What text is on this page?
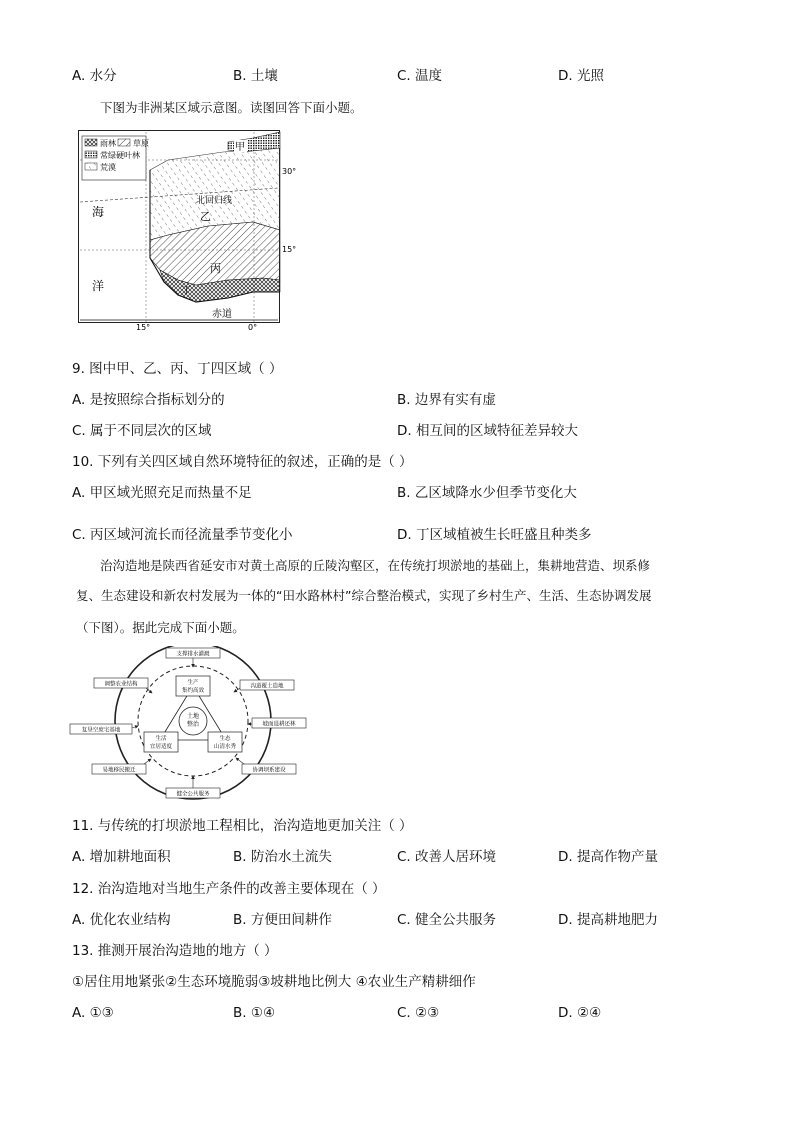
A. 水分	B. 土壤	C. 温度	D. 光照
下图为非洲某区域示意图。读图回答下面小题。
雨林 草原
常绿硬叶林
荒漠
甲
北回归线
乙
丙
丁
海
洋
赤道
30°
15°
15°	0°
9. 图中甲、乙、丙、丁四区域（ ）
A. 是按照综合指标划分的	B. 边界有实有虚
C. 属于不同层次的区域	D. 相互间的区域特征差异较大
10. 下列有关四区域自然环境特征的叙述，正确的是（ ）
A. 甲区域光照充足而热量不足	B. 乙区域降水少但季节变化大
C. 丙区域河流长而径流量季节变化小	D. 丁区域植被生长旺盛且种类多
治沟造地是陕西省延安市对黄土高原的丘陵沟壑区，在传统打坝淤地的基础上，集耕地营造、坝系修
复、生态建设和新农村发展为一体的“田水路林村”综合整治模式，实现了乡村生产、生活、生态协调发展
（下图）。据此完成下面小题。
土地
整治
生产
集约高效
生活
宜居适度
生态
山清水秀
支撑排水灌溉
沟道覆土造地
坡面退耕还林
协调坝系建设
健全公共服务
易地移民搬迁
复垦空废宅基地
调整农业结构
11. 与传统的打坝淤地工程相比，治沟造地更加关注（ ）
A. 增加耕地面积	B. 防治水土流失	C. 改善人居环境	D. 提高作物产量
12. 治沟造地对当地生产条件的改善主要体现在（ ）
A. 优化农业结构	B. 方便田间耕作	C. 健全公共服务	D. 提高耕地肥力
13. 推测开展治沟造地的地方（ ）
①居住用地紧张②生态环境脆弱③坡耕地比例大 ④农业生产精耕细作
A. ①③	B. ①④	C. ②③	D. ②④
